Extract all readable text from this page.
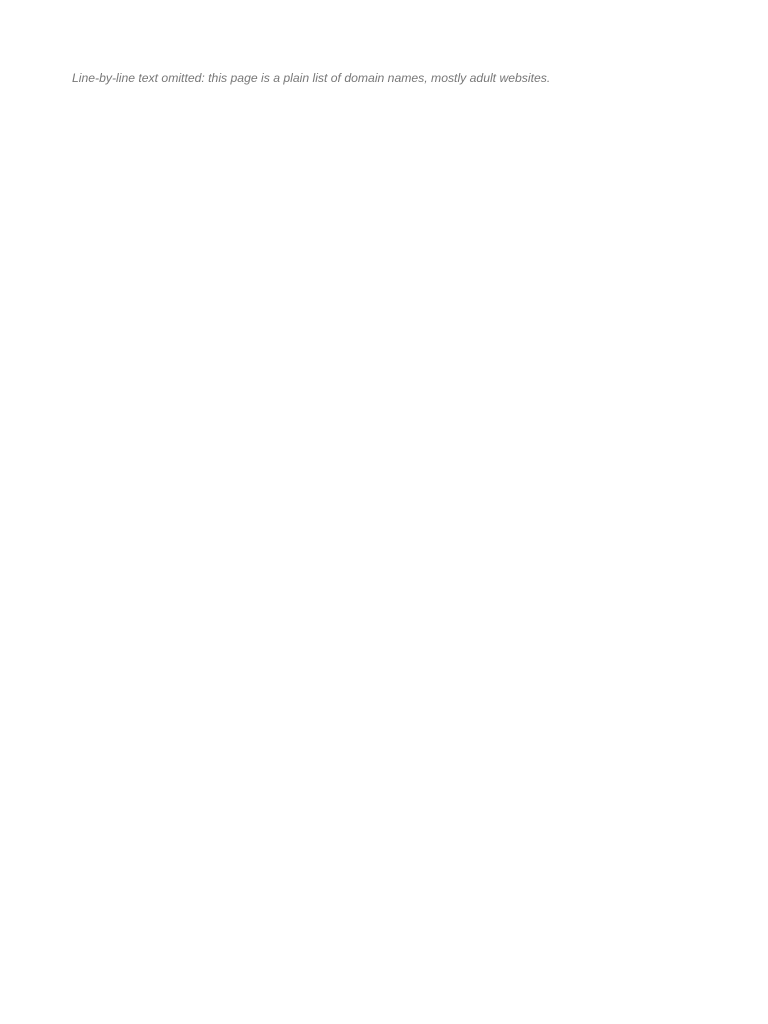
Line-by-line text omitted: this page is a plain list of domain names, mostly adult websites.
